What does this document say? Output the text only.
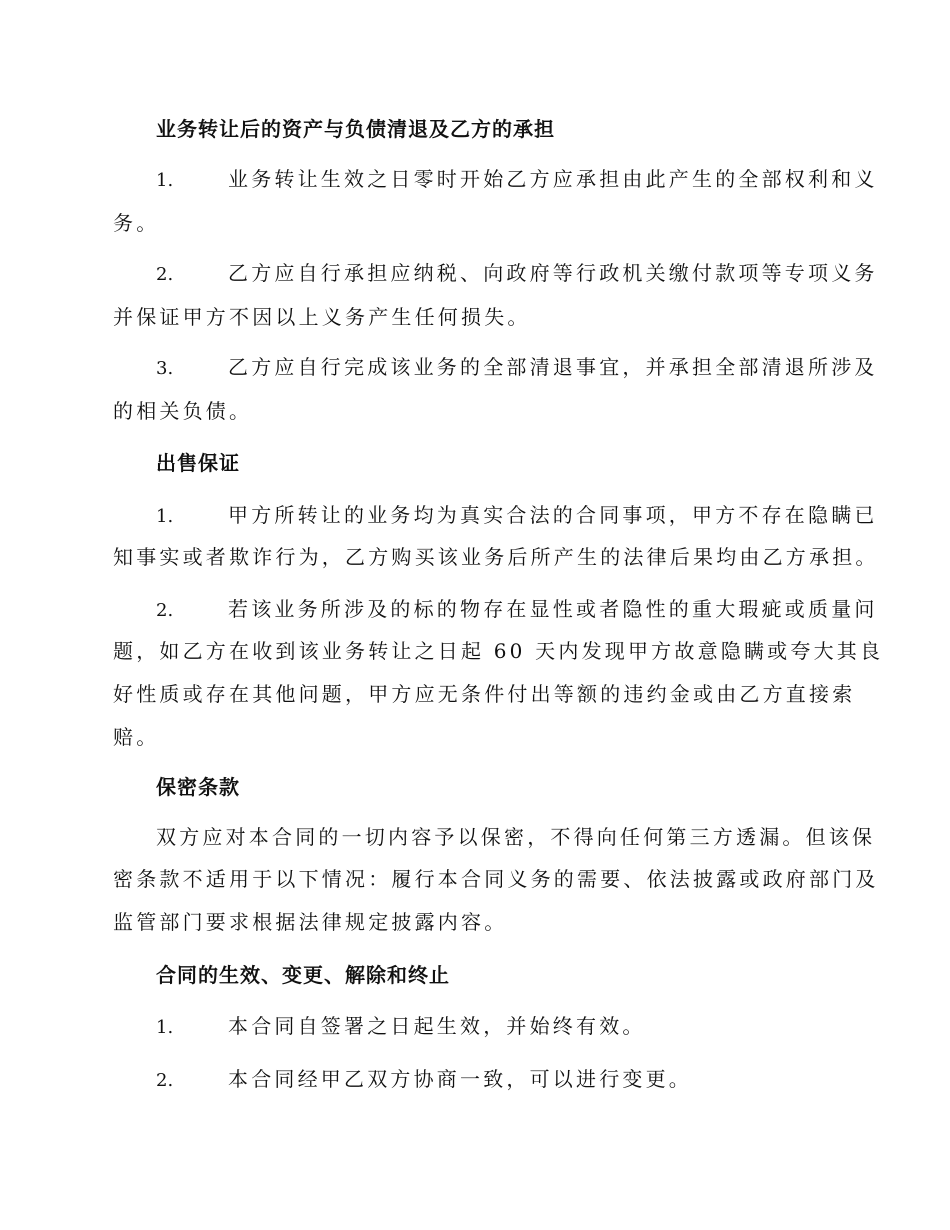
业务转让后的资产与负债清退及乙方的承担
1.	业务转让生效之日零时开始乙方应承担由此产生的全部权利和义
务。
2.	乙方应自行承担应纳税、向政府等行政机关缴付款项等专项义务
并保证甲方不因以上义务产生任何损失。
3.	乙方应自行完成该业务的全部清退事宜，并承担全部清退所涉及
的相关负债。
出售保证
1.	甲方所转让的业务均为真实合法的合同事项，甲方不存在隐瞒已
知事实或者欺诈行为，乙方购买该业务后所产生的法律后果均由乙方承担。
2.	若该业务所涉及的标的物存在显性或者隐性的重大瑕疵或质量问
题，如乙方在收到该业务转让之日起 60 天内发现甲方故意隐瞒或夸大其良
好性质或存在其他问题，甲方应无条件付出等额的违约金或由乙方直接索
赔。
保密条款
双方应对本合同的一切内容予以保密，不得向任何第三方透漏。但该保
密条款不适用于以下情况：履行本合同义务的需要、依法披露或政府部门及
监管部门要求根据法律规定披露内容。
合同的生效、变更、解除和终止
1.	本合同自签署之日起生效，并始终有效。
2.	本合同经甲乙双方协商一致，可以进行变更。
